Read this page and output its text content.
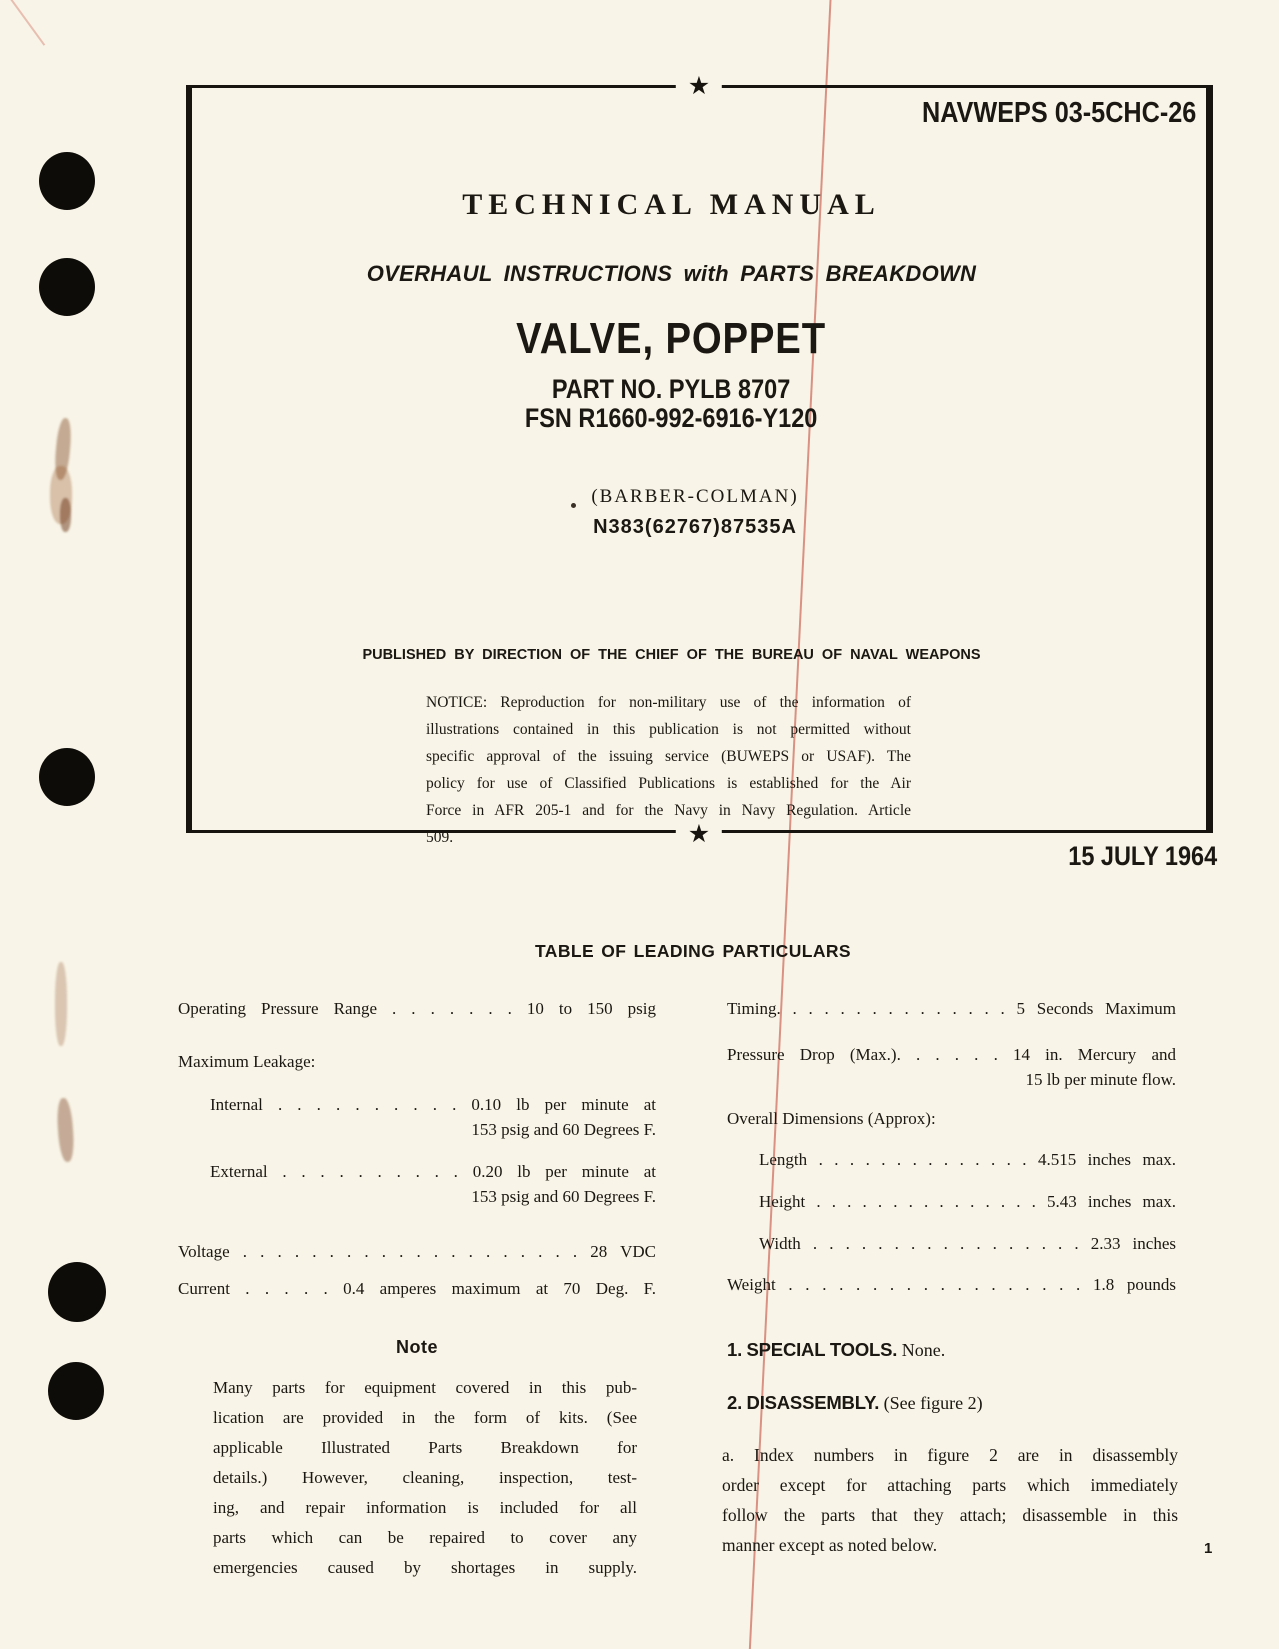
★
★
NAVWEPS 03-5CHC-26
TECHNICAL MANUAL
OVERHAUL INSTRUCTIONS with PARTS BREAKDOWN
VALVE, POPPET
PART NO. PYLB 8707
FSN R1660-992-6916-Y120
(BARBER-COLMAN)
N383(62767)87535A
PUBLISHED BY DIRECTION OF THE CHIEF OF THE BUREAU OF NAVAL WEAPONS
NOTICE: Reproduction for non-military use of the information of
illustrations contained in this publication is not permitted without
specific approval of the issuing service (BUWEPS or USAF). The
policy for use of Classified Publications is established for the Air
Force in AFR 205-1 and for the Navy in Navy Regulation. Article
509.
15 JULY 1964
TABLE OF LEADING PARTICULARS
Operating Pressure Range . . . . . . . 10 to 150 psig
Maximum Leakage:
Internal . . . . . . . . . . 0.10 lb per minute at
153 psig and 60 Degrees F.
External . . . . . . . . . . 0.20 lb per minute at
153 psig and 60 Degrees F.
Voltage . . . . . . . . . . . . . . . . . . . . 28 VDC
Current . . . . . 0.4 amperes maximum at 70 Deg. F.
Timing. . . . . . . . . . . . . . . 5 Seconds Maximum
Pressure Drop (Max.). . . . . . 14 in. Mercury and
15 lb per minute flow.
Overall Dimensions (Approx):
Length . . . . . . . . . . . . . . 4.515 inches max.
Height . . . . . . . . . . . . . . . 5.43 inches max.
Width . . . . . . . . . . . . . . . . . 2.33 inches
Weight . . . . . . . . . . . . . . . . . . 1.8 pounds
Note
Many parts for equipment covered in this pub-
lication are provided in the form of kits. (See
applicable Illustrated Parts Breakdown for
details.) However, cleaning, inspection, test-
ing, and repair information is included for all
parts which can be repaired to cover any
emergencies caused by shortages in supply.
1. SPECIAL TOOLS. None.
2. DISASSEMBLY. (See figure 2)
a. Index numbers in figure 2 are in disassembly
order except for attaching parts which immediately
follow the parts that they attach; disassemble in this
manner except as noted below.	1
